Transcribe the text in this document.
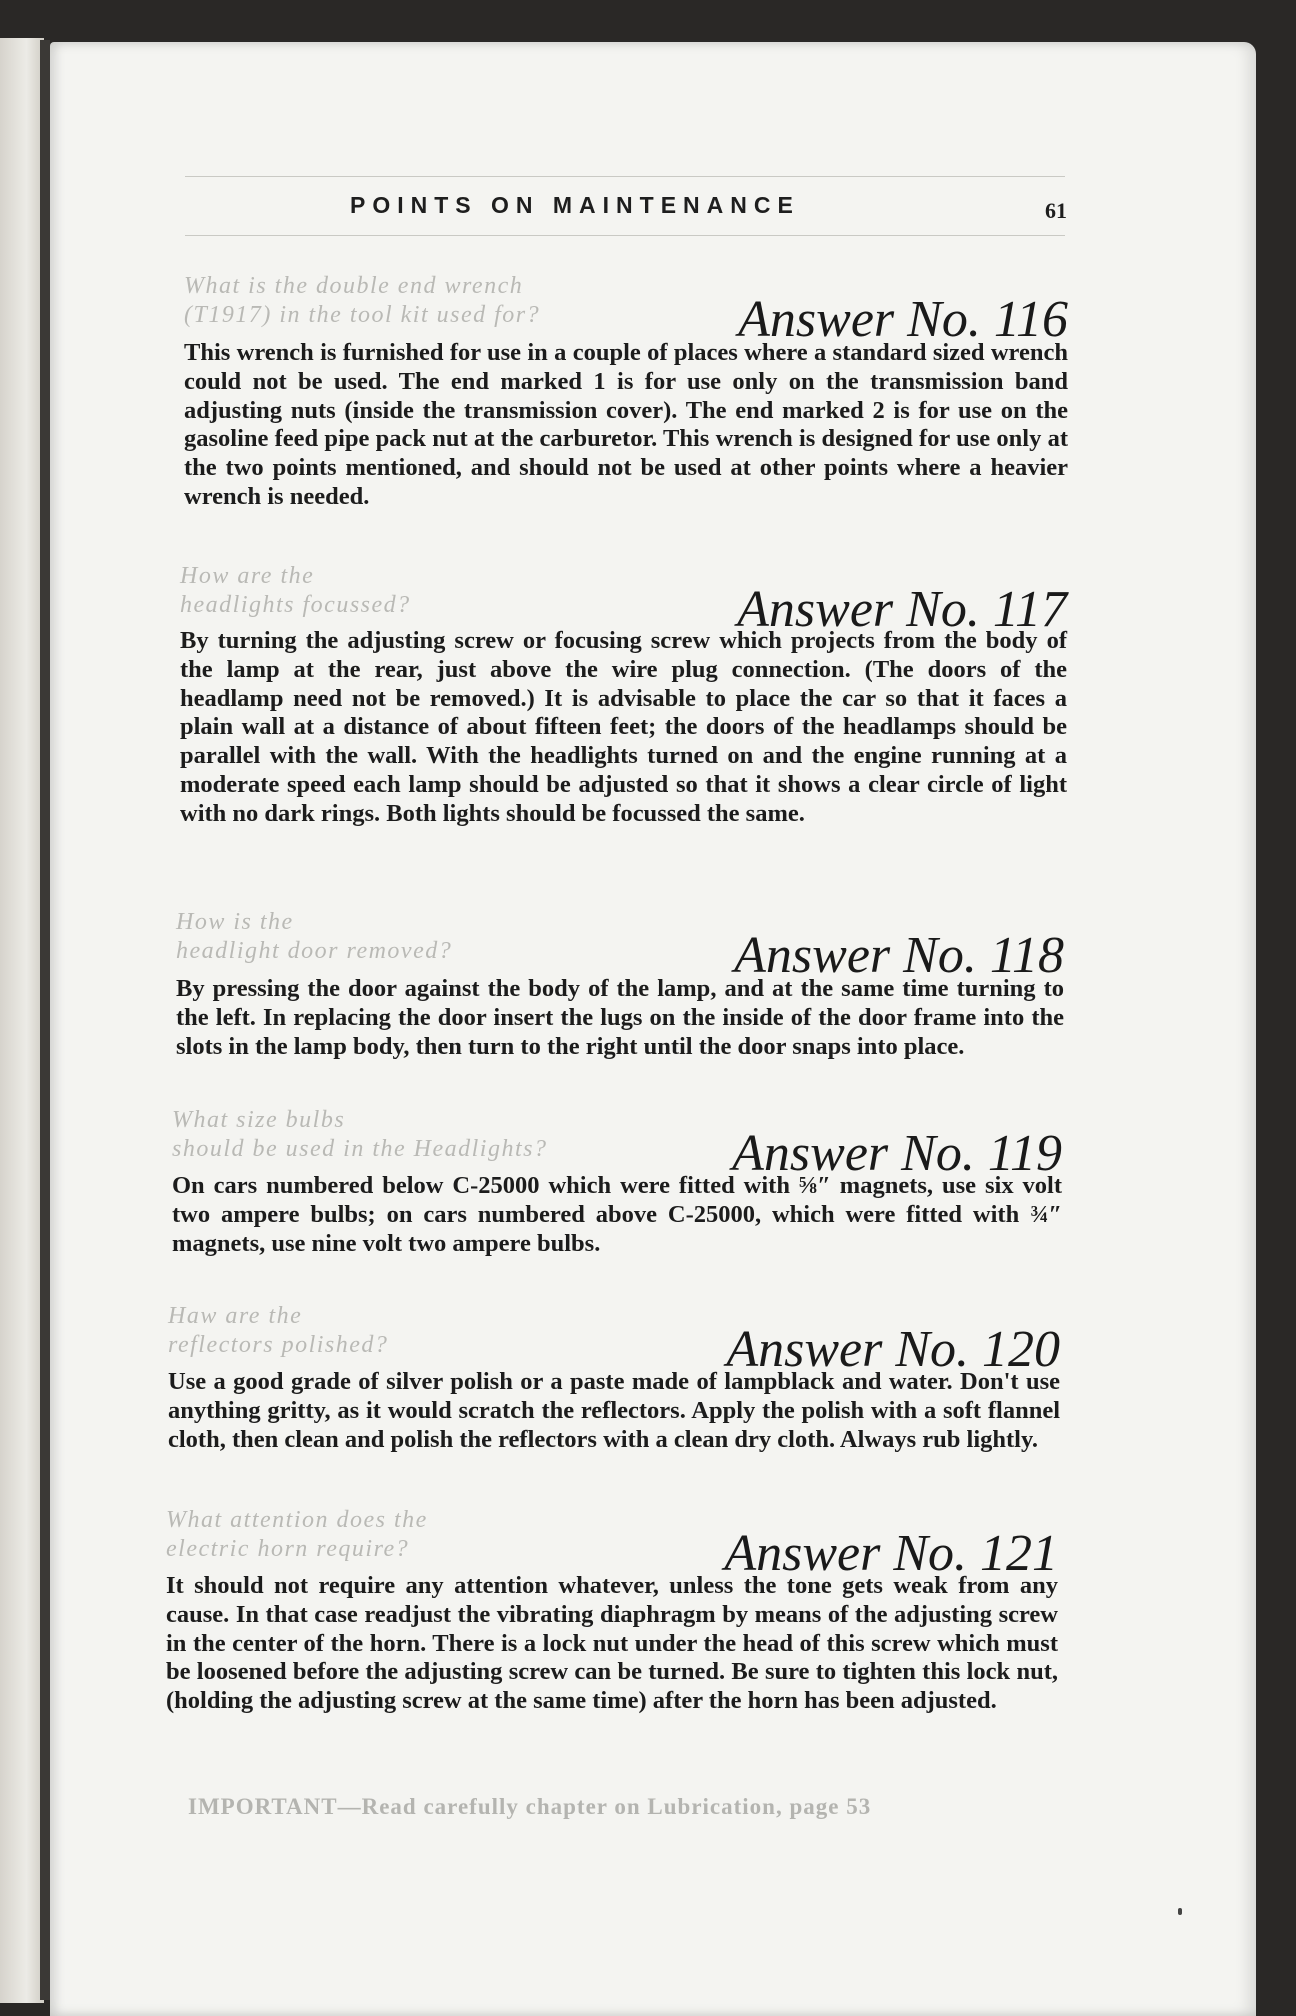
POINTS ON MAINTENANCE	61
What is the double end wrench
(T1917) in the tool kit used for?	Answer No. 116
This wrench is furnished for use in a couple of places where a standard sized wrench could not be used. The end marked 1 is for use only on the transmission band adjusting nuts (inside the transmission cover). The end marked 2 is for use on the gasoline feed pipe pack nut at the carburetor. This wrench is designed for use only at the two points mentioned, and should not be used at other points where a heavier wrench is needed.
How are the
headlights focussed?	Answer No. 117
By turning the adjusting screw or focusing screw which projects from the body of the lamp at the rear, just above the wire plug connection. (The doors of the headlamp need not be removed.) It is advisable to place the car so that it faces a plain wall at a distance of about fifteen feet; the doors of the headlamps should be parallel with the wall. With the headlights turned on and the engine running at a moderate speed each lamp should be adjusted so that it shows a clear circle of light with no dark rings. Both lights should be focussed the same.
How is the
headlight door removed?	Answer No. 118
By pressing the door against the body of the lamp, and at the same time turning to the left. In replacing the door insert the lugs on the inside of the door frame into the slots in the lamp body, then turn to the right until the door snaps into place.
What size bulbs
should be used in the Headlights?	Answer No. 119
On cars numbered below C-25000 which were fitted with ⅝″ magnets, use six volt two ampere bulbs; on cars numbered above C-25000, which were fitted with ¾″ magnets, use nine volt two ampere bulbs.
Haw are the
reflectors polished?	Answer No. 120
Use a good grade of silver polish or a paste made of lampblack and water. Don't use anything gritty, as it would scratch the reflectors. Apply the polish with a soft flannel cloth, then clean and polish the reflectors with a clean dry cloth. Always rub lightly.
What attention does the
electric horn require?	Answer No. 121
It should not require any attention whatever, unless the tone gets weak from any cause. In that case readjust the vibrating diaphragm by means of the adjusting screw in the center of the horn. There is a lock nut under the head of this screw which must be loosened before the adjusting screw can be turned. Be sure to tighten this lock nut, (holding the adjusting screw at the same time) after the horn has been adjusted.
IMPORTANT—Read carefully chapter on Lubrication, page 53
